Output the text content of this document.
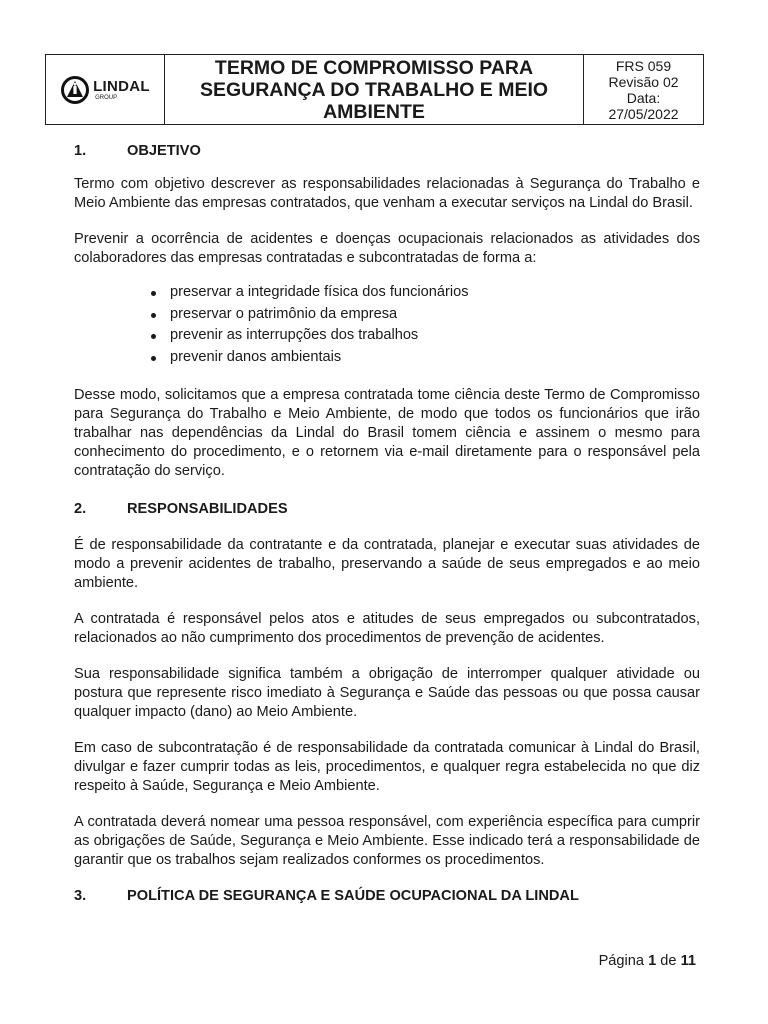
LINDAL
GROUP
TERMO DE COMPROMISSO PARA
SEGURANÇA DO TRABALHO E MEIO
AMBIENTE
FRS 059
Revisão 02
Data:
27/05/2022
1.	OBJETIVO

Termo com objetivo descrever as responsabilidades relacionadas à Segurança do Trabalho e Meio Ambiente das empresas contratados, que venham a executar serviços na Lindal do Brasil.

Prevenir a ocorrência de acidentes e doenças ocupacionais relacionados as atividades dos colaboradores das empresas contratadas e subcontratadas de forma a:

preservar a integridade física dos funcionários
preservar o patrimônio da empresa
prevenir as interrupções dos trabalhos
prevenir danos ambientais

Desse modo, solicitamos que a empresa contratada tome ciência deste Termo de Compromisso para Segurança do Trabalho e Meio Ambiente, de modo que todos os funcionários que irão trabalhar nas dependências da Lindal do Brasil tomem ciência e assinem o mesmo para conhecimento do procedimento, e o retornem via e-mail diretamente para o responsável pela contratação do serviço.

2.	RESPONSABILIDADES

É de responsabilidade da contratante e da contratada, planejar e executar suas atividades de modo a prevenir acidentes de trabalho, preservando a saúde de seus empregados e ao meio ambiente.

A contratada é responsável pelos atos e atitudes de seus empregados ou subcontratados, relacionados ao não cumprimento dos procedimentos de prevenção de acidentes.

Sua responsabilidade significa também a obrigação de interromper qualquer atividade ou postura que represente risco imediato à Segurança e Saúde das pessoas ou que possa causar qualquer impacto (dano) ao Meio Ambiente.

Em caso de subcontratação é de responsabilidade da contratada comunicar à Lindal do Brasil, divulgar e fazer cumprir todas as leis, procedimentos, e qualquer regra estabelecida no que diz respeito à Saúde, Segurança e Meio Ambiente.

A contratada deverá nomear uma pessoa responsável, com experiência específica para cumprir as obrigações de Saúde, Segurança e Meio Ambiente. Esse indicado terá a responsabilidade de garantir que os trabalhos sejam realizados conformes os procedimentos.

3.	POLÍTICA DE SEGURANÇA E SAÚDE OCUPACIONAL DA LINDAL
Página 1 de 11
